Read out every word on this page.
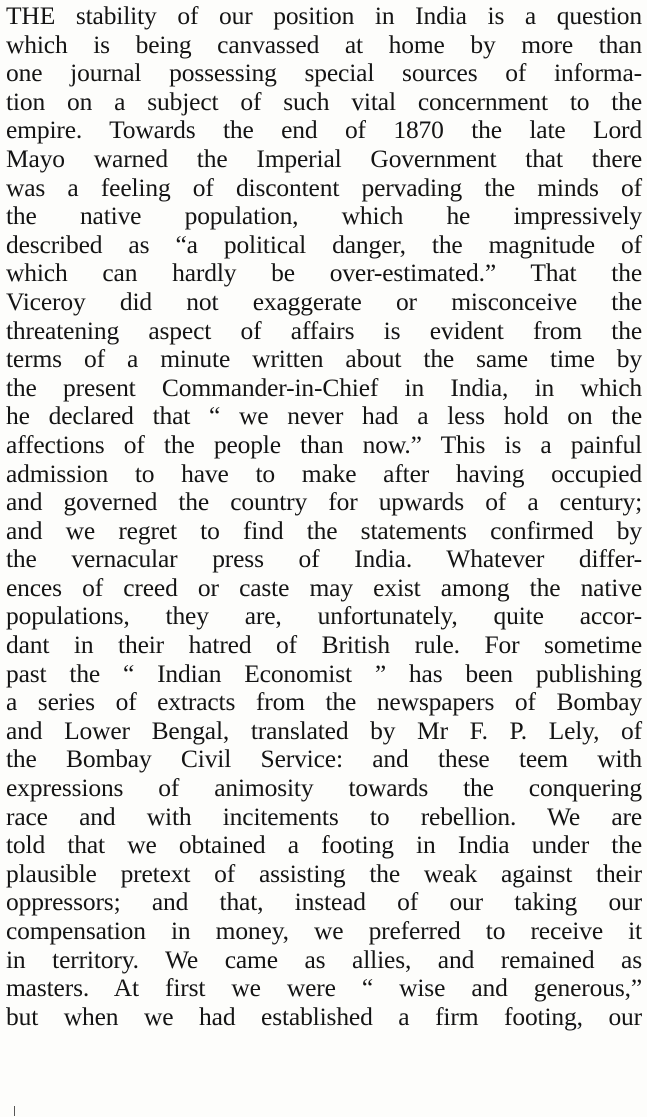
THE stability of our position in India is a question
which is being canvassed at home by more than
one journal possessing special sources of informa-
tion on a subject of such vital concernment to the
empire. Towards the end of 1870 the late Lord
Mayo warned the Imperial Government that there
was a feeling of discontent pervading the minds of
the native population, which he impressively
described as “a political danger, the magnitude of
which can hardly be over-estimated.” That the
Viceroy did not exaggerate or misconceive the
threatening aspect of affairs is evident from the
terms of a minute written about the same time by
the present Commander-in-Chief in India, in which
he declared that “ we never had a less hold on the
affections of the people than now.” This is a painful
admission to have to make after having occupied
and governed the country for upwards of a century;
and we regret to find the statements confirmed by
the vernacular press of India. Whatever differ-
ences of creed or caste may exist among the native
populations, they are, unfortunately, quite accor-
dant in their hatred of British rule. For sometime
past the “ Indian Economist ” has been publishing
a series of extracts from the newspapers of Bombay
and Lower Bengal, translated by Mr F. P. Lely, of
the Bombay Civil Service: and these teem with
expressions of animosity towards the conquering
race and with incitements to rebellion. We are
told that we obtained a footing in India under the
plausible pretext of assisting the weak against their
oppressors; and that, instead of our taking our
compensation in money, we preferred to receive it
in territory. We came as allies, and remained as
masters. At first we were “ wise and generous,”
but when we had established a firm footing, our
